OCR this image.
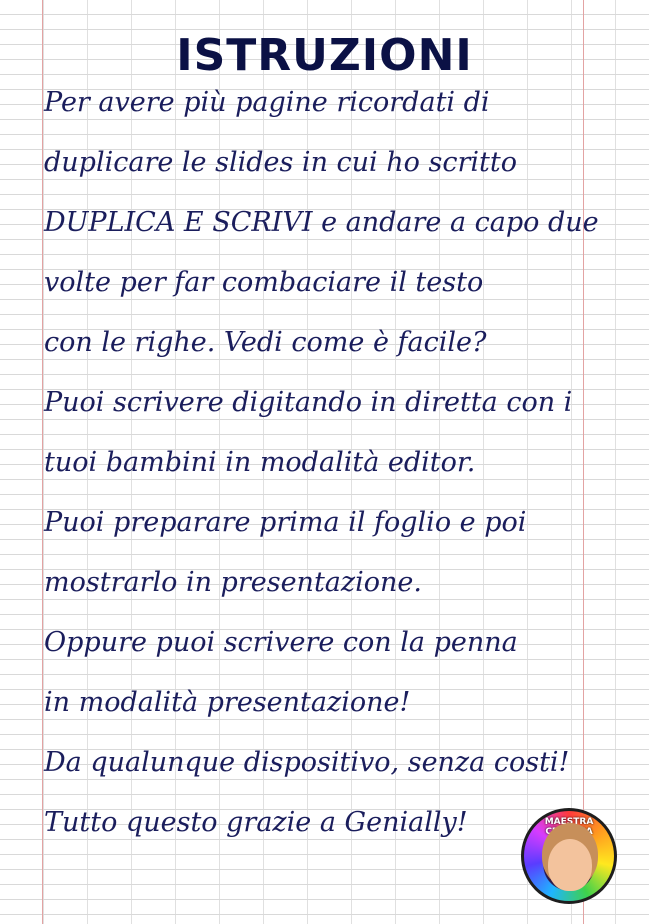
ISTRUZIONI
Per avere più pagine ricordati di
duplicare le slides in cui ho scritto
DUPLICA E SCRIVI e andare a capo due
volte per far combaciare il testo
con le righe. Vedi come è facile?
Puoi scrivere digitando in diretta con i
tuoi bambini in modalità editor.
Puoi preparare prima il foglio e poi
mostrarlo in presentazione.
Oppure puoi scrivere con la penna
in modalità presentazione!
Da qualunque dispositivo, senza costi!
Tutto questo grazie a Genially!	MAESTRA CRISTINA
